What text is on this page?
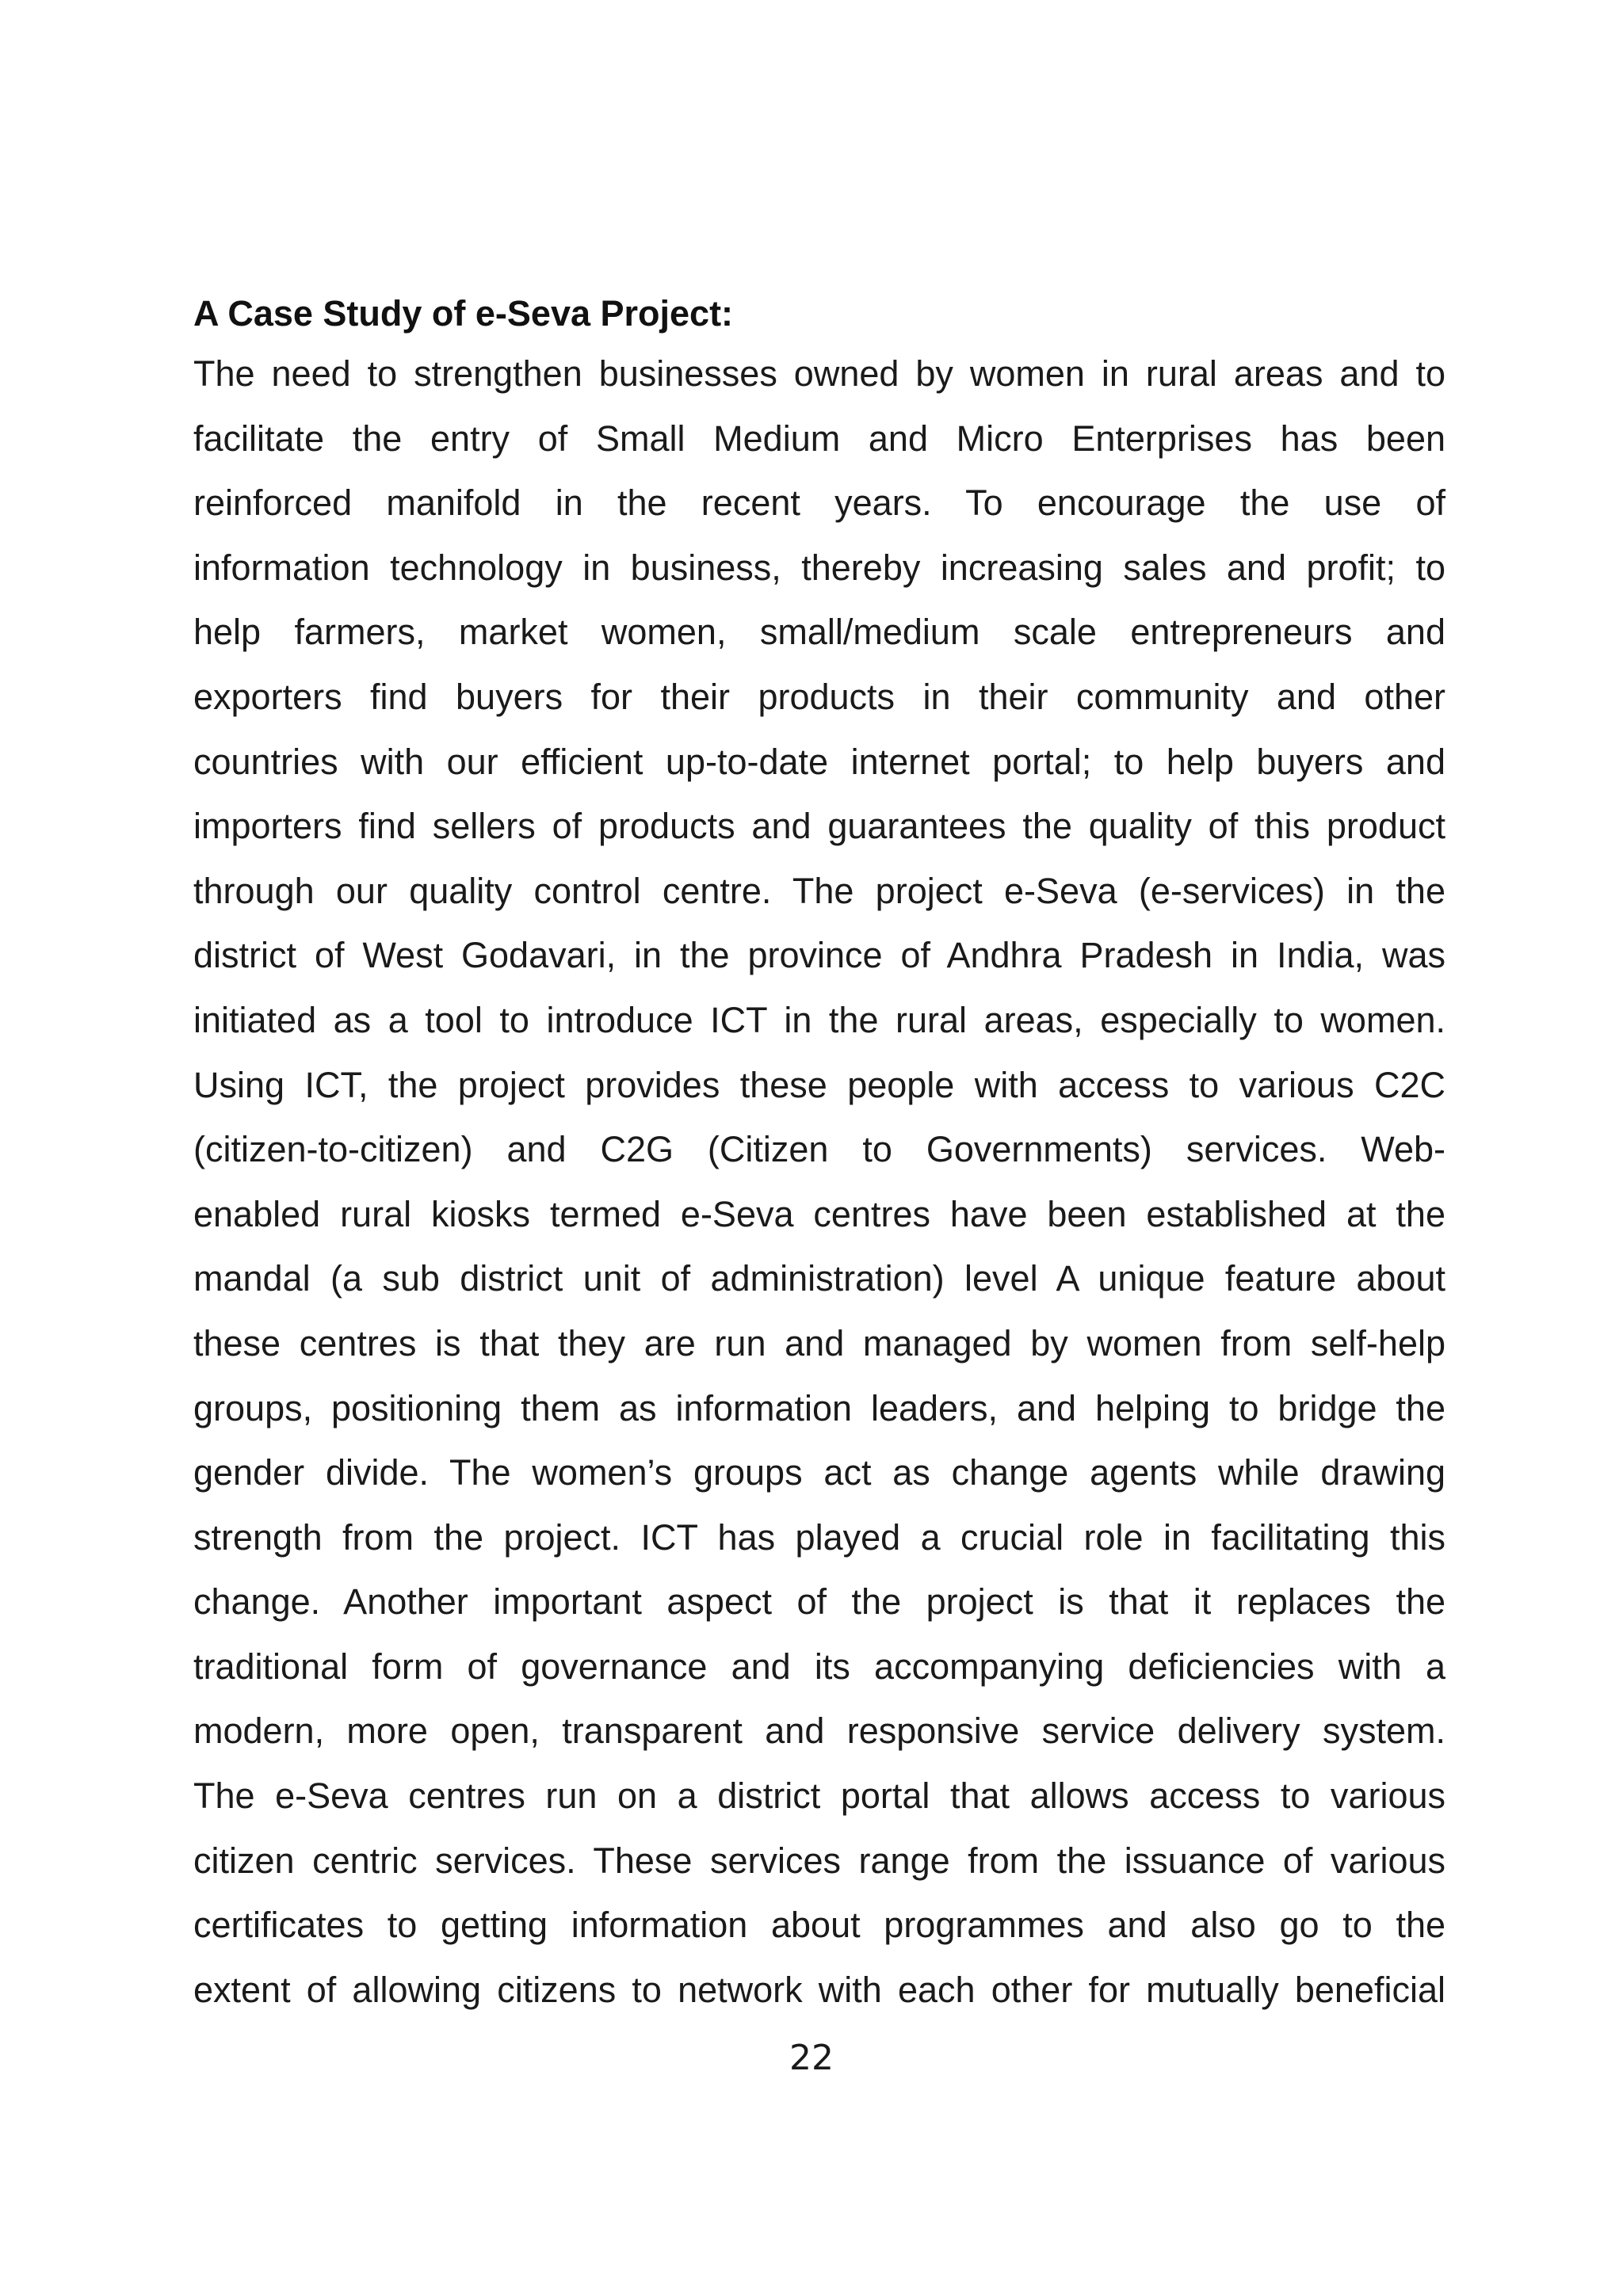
A Case Study of e-Seva Project:
The need to strengthen businesses owned by women in rural areas and to
facilitate the entry of Small Medium and Micro Enterprises has been
reinforced manifold in the recent years. To encourage the use of
information technology in business, thereby increasing sales and profit; to
help farmers, market women, small/medium scale entrepreneurs and
exporters find buyers for their products in their community and other
countries with our efficient up-to-date internet portal; to help buyers and
importers find sellers of products and guarantees the quality of this product
through our quality control centre. The project e-Seva (e-services) in the
district of West Godavari, in the province of Andhra Pradesh in India, was
initiated as a tool to introduce ICT in the rural areas, especially to women.
Using ICT, the project provides these people with access to various C2C
(citizen-to-citizen) and C2G (Citizen to Governments) services. Web-
enabled rural kiosks termed e-Seva centres have been established at the
mandal (a sub district unit of administration) level A unique feature about
these centres is that they are run and managed by women from self-help
groups, positioning them as information leaders, and helping to bridge the
gender divide. The women’s groups act as change agents while drawing
strength from the project. ICT has played a crucial role in facilitating this
change. Another important aspect of the project is that it replaces the
traditional form of governance and its accompanying deficiencies with a
modern, more open, transparent and responsive service delivery system.
The e-Seva centres run on a district portal that allows access to various
citizen centric services. These services range from the issuance of various
certificates to getting information about programmes and also go to the
extent of allowing citizens to network with each other for mutually beneficial
22
